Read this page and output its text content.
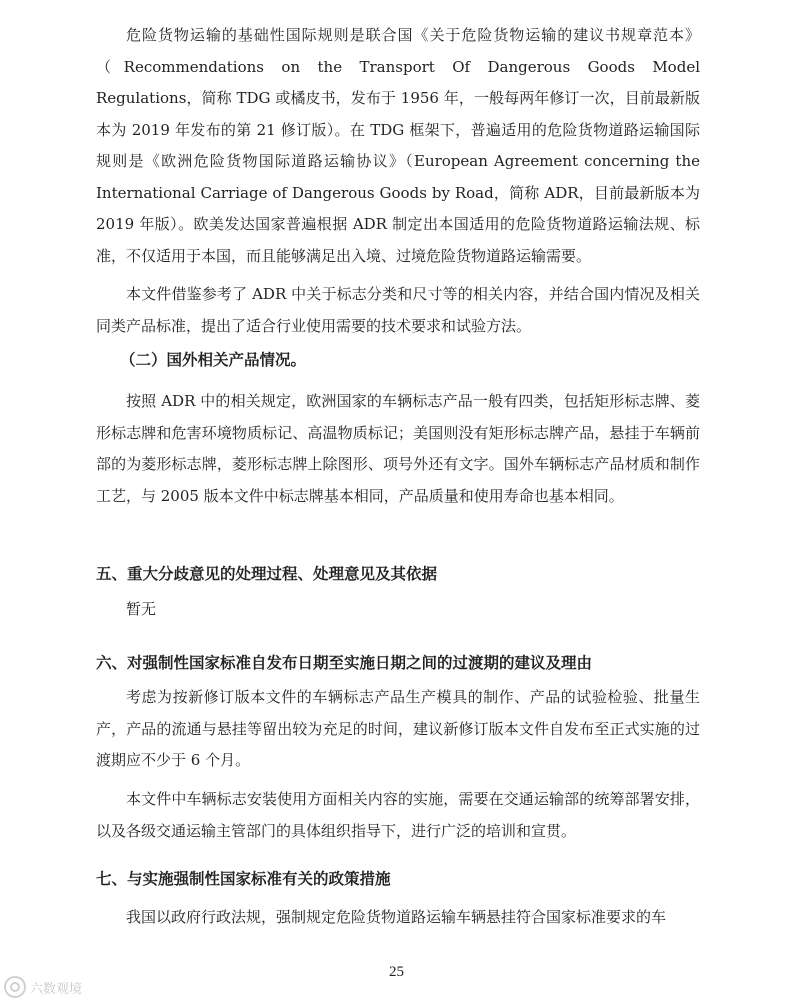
危险货物运输的基础性国际规则是联合国《关于危险货物运输的建议书规章范本》（Recommendations on the Transport Of Dangerous Goods Model Regulations，简称 TDG 或橘皮书，发布于 1956 年，一般每两年修订一次，目前最新版本为 2019 年发布的第 21 修订版）。在 TDG 框架下，普遍适用的危险货物道路运输国际规则是《欧洲危险货物国际道路运输协议》（European Agreement concerning the International Carriage of Dangerous Goods by Road，简称 ADR，目前最新版本为 2019 年版）。欧美发达国家普遍根据 ADR 制定出本国适用的危险货物道路运输法规、标准，不仅适用于本国，而且能够满足出入境、过境危险货物道路运输需要。

本文件借鉴参考了 ADR 中关于标志分类和尺寸等的相关内容，并结合国内情况及相关同类产品标准，提出了适合行业使用需要的技术要求和试验方法。

（二）国外相关产品情况。

按照 ADR 中的相关规定，欧洲国家的车辆标志产品一般有四类，包括矩形标志牌、菱形标志牌和危害环境物质标记、高温物质标记；美国则没有矩形标志牌产品，悬挂于车辆前部的为菱形标志牌，菱形标志牌上除图形、项号外还有文字。国外车辆标志产品材质和制作工艺，与 2005 版本文件中标志牌基本相同，产品质量和使用寿命也基本相同。

五、重大分歧意见的处理过程、处理意见及其依据

暂无

六、对强制性国家标准自发布日期至实施日期之间的过渡期的建议及理由

考虑为按新修订版本文件的车辆标志产品生产模具的制作、产品的试验检验、批量生产，产品的流通与悬挂等留出较为充足的时间，建议新修订版本文件自发布至正式实施的过渡期应不少于 6 个月。

本文件中车辆标志安装使用方面相关内容的实施，需要在交通运输部的统筹部署安排，以及各级交通运输主管部门的具体组织指导下，进行广泛的培训和宣贯。

七、与实施强制性国家标准有关的政策措施

我国以政府行政法规，强制规定危险货物道路运输车辆悬挂符合国家标准要求的车

25
六数观境
